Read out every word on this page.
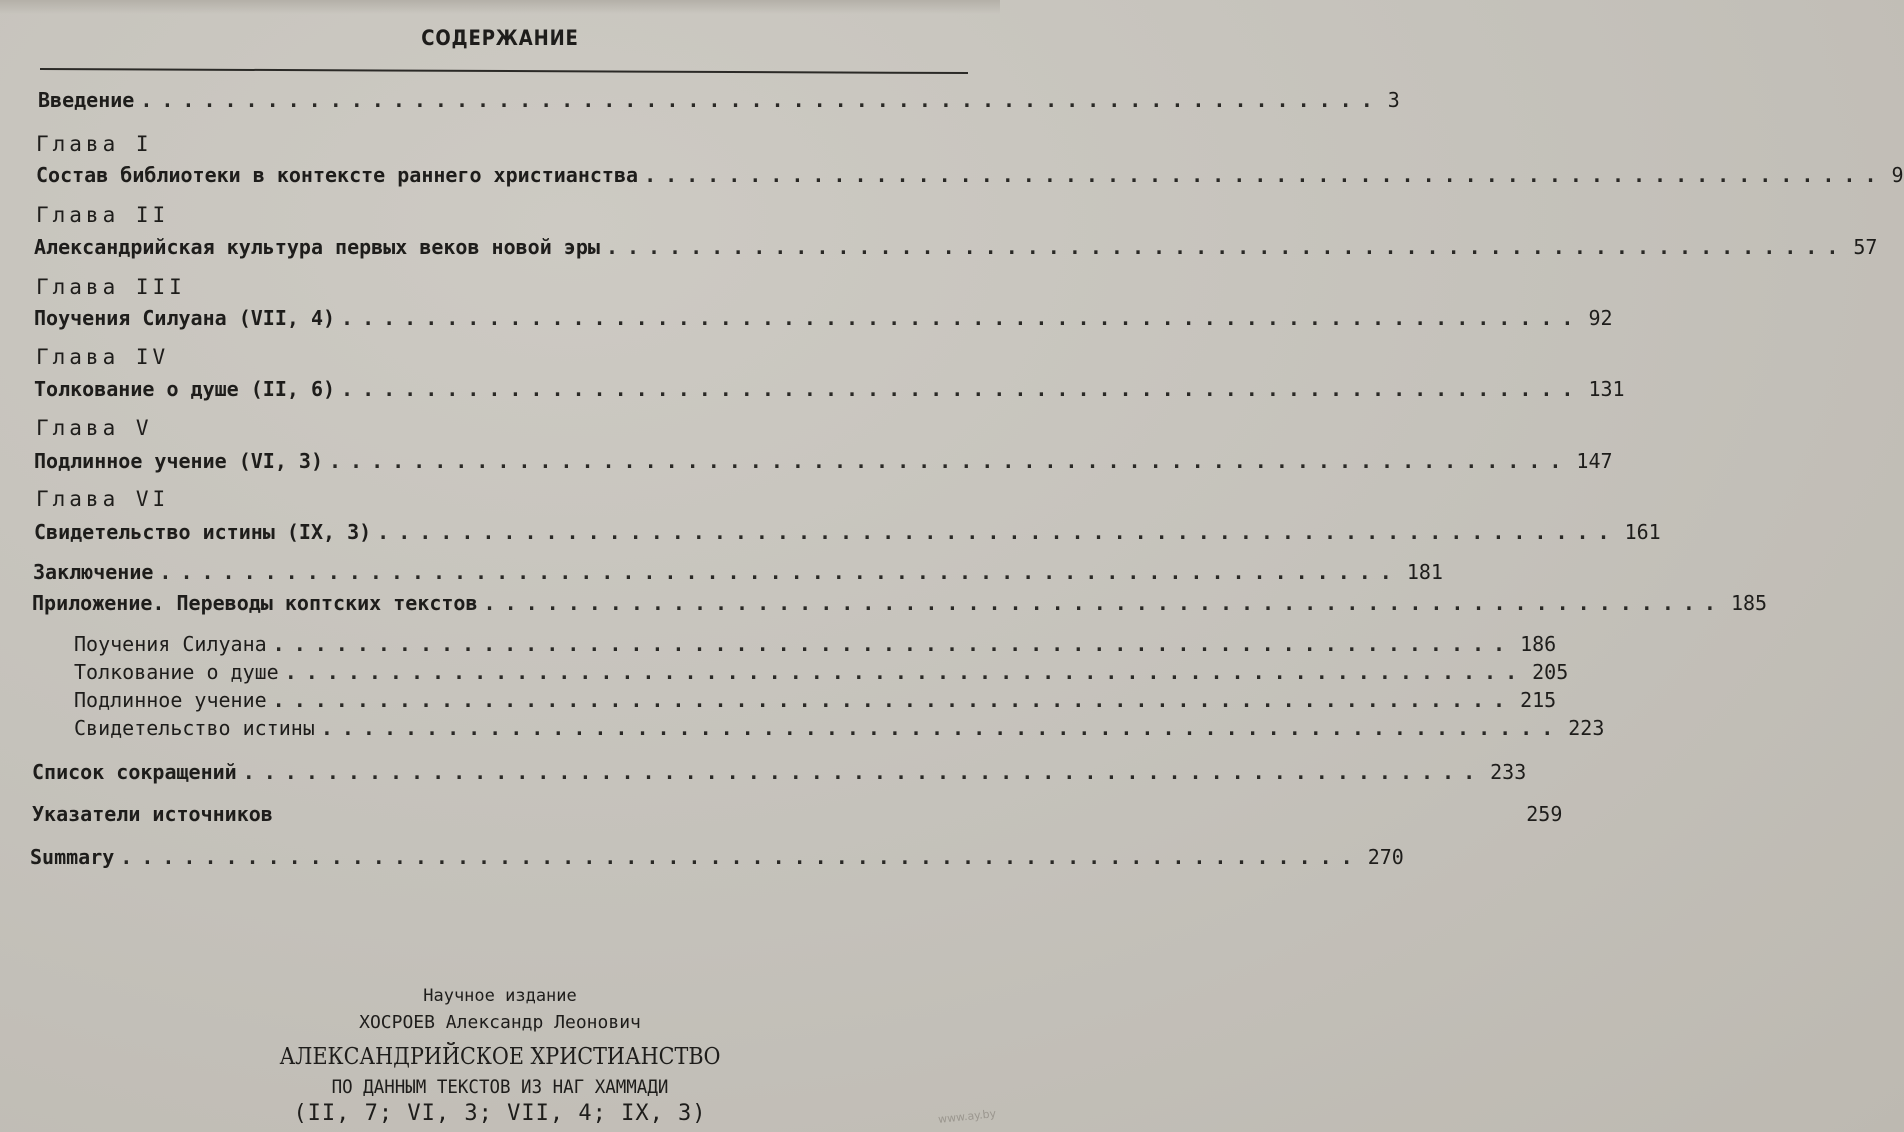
СОДЕРЖАНИЕ
Введение ........................................................... 3
Глава I
Состав библиотеки в контексте раннего христианства ........................................................... 9
Глава II
Александрийская культура первых веков новой эры ........................................................... 57
Глава III
Поучения Силуана (VII, 4) ........................................................... 92
Глава IV
Толкование о душе (II, 6) ........................................................... 131
Глава V
Подлинное учение (VI, 3) ........................................................... 147
Глава VI
Свидетельство истины (IX, 3) ........................................................... 161
Заключение ........................................................... 181
Приложение. Переводы коптских текстов ........................................................... 185
Поучения Силуана ........................................................... 186
Толкование о душе ........................................................... 205
Подлинное учение ........................................................... 215
Свидетельство истины ........................................................... 223
Список сокращений ........................................................... 233
Указатели источников	259
Summary ........................................................... 270
Научное издание
ХОСРОЕВ Александр Леонович
АЛЕКСАНДРИЙСКОЕ ХРИСТИАНСТВО
ПО ДАННЫМ ТЕКСТОВ ИЗ НАГ ХАММАДИ
(II, 7; VI, 3; VII, 4; IX, 3)	www.ay.by
